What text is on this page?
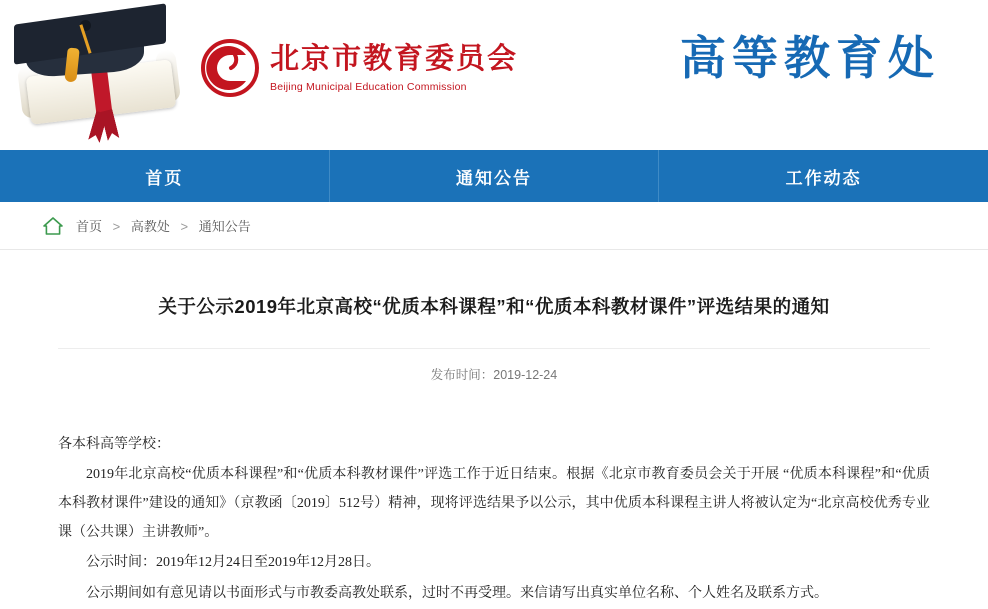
北京市教育委员会
Beijing Municipal Education Commission
高等教育处
首页	通知公告	工作动态
首页 > 高教处 > 通知公告
关于公示2019年北京高校“优质本科课程”和“优质本科教材课件”评选结果的通知
发布时间：2019-12-24

各本科高等学校：

2019年北京高校“优质本科课程”和“优质本科教材课件”评选工作于近日结束。根据《北京市教育委员会关于开展 “优质本科课程”和“优质本科教材课件”建设的通知》（京教函〔2019〕512号）精神，现将评选结果予以公示，其中优质本科课程主讲人将被认定为“北京高校优秀专业课（公共课）主讲教师”。

公示时间：2019年12月24日至2019年12月28日。

公示期间如有意见请以书面形式与市教委高教处联系，过时不再受理。来信请写出真实单位名称、个人姓名及联系方式。
